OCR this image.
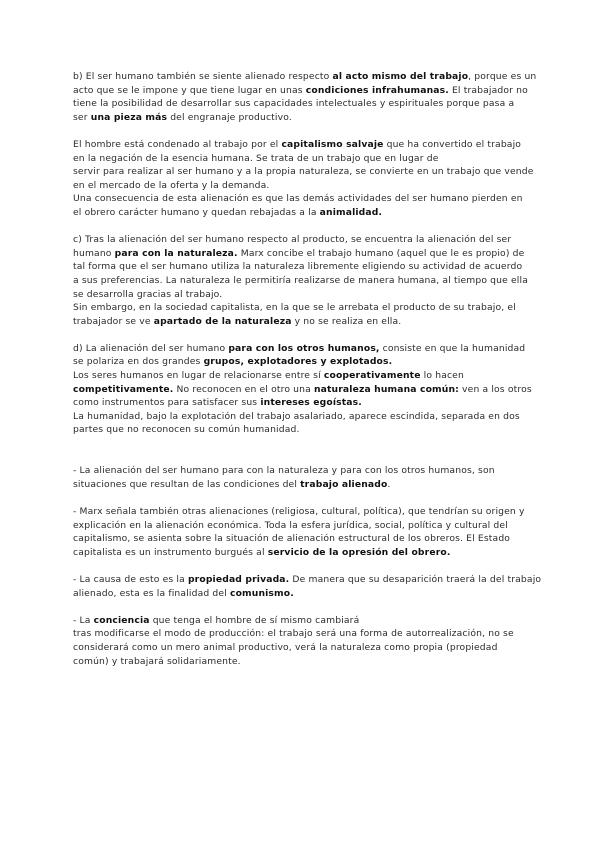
b) El ser humano también se siente alienado respecto al acto mismo del trabajo, porque es un
acto que se le impone y que tiene lugar en unas condiciones infrahumanas. El trabajador no
tiene la posibilidad de desarrollar sus capacidades intelectuales y espirituales porque pasa a
ser una pieza más del engranaje productivo.
El hombre está condenado al trabajo por el capitalismo salvaje que ha convertido el trabajo
en la negación de la esencia humana. Se trata de un trabajo que en lugar de
servir para realizar al ser humano y a la propia naturaleza, se convierte en un trabajo que vende
en el mercado de la oferta y la demanda.
Una consecuencia de esta alienación es que las demás actividades del ser humano pierden en
el obrero carácter humano y quedan rebajadas a la animalidad.
c) Tras la alienación del ser humano respecto al producto, se encuentra la alienación del ser
humano para con la naturaleza. Marx concibe el trabajo humano (aquel que le es propio) de
tal forma que el ser humano utiliza la naturaleza libremente eligiendo su actividad de acuerdo
a sus preferencias. La naturaleza le permitiría realizarse de manera humana, al tiempo que ella
se desarrolla gracias al trabajo.
Sin embargo, en la sociedad capitalista, en la que se le arrebata el producto de su trabajo, el
trabajador se ve apartado de la naturaleza y no se realiza en ella.
d) La alienación del ser humano para con los otros humanos, consiste en que la humanidad
se polariza en dos grandes grupos, explotadores y explotados.
Los seres humanos en lugar de relacionarse entre sí cooperativamente lo hacen
competitivamente. No reconocen en el otro una naturaleza humana común: ven a los otros
como instrumentos para satisfacer sus intereses egoístas.
La humanidad, bajo la explotación del trabajo asalariado, aparece escindida, separada en dos
partes que no reconocen su común humanidad.
- La alienación del ser humano para con la naturaleza y para con los otros humanos, son
situaciones que resultan de las condiciones del trabajo alienado.
- Marx señala también otras alienaciones (religiosa, cultural, política), que tendrían su origen y
explicación en la alienación económica. Toda la esfera jurídica, social, política y cultural del
capitalismo, se asienta sobre la situación de alienación estructural de los obreros. El Estado
capitalista es un instrumento burgués al servicio de la opresión del obrero.
- La causa de esto es la propiedad privada. De manera que su desaparición traerá la del trabajo
alienado, esta es la finalidad del comunismo.
- La conciencia que tenga el hombre de sí mismo cambiará
tras modificarse el modo de producción: el trabajo será una forma de autorrealización, no se
considerará como un mero animal productivo, verá la naturaleza como propia (propiedad
común) y trabajará solidariamente.
